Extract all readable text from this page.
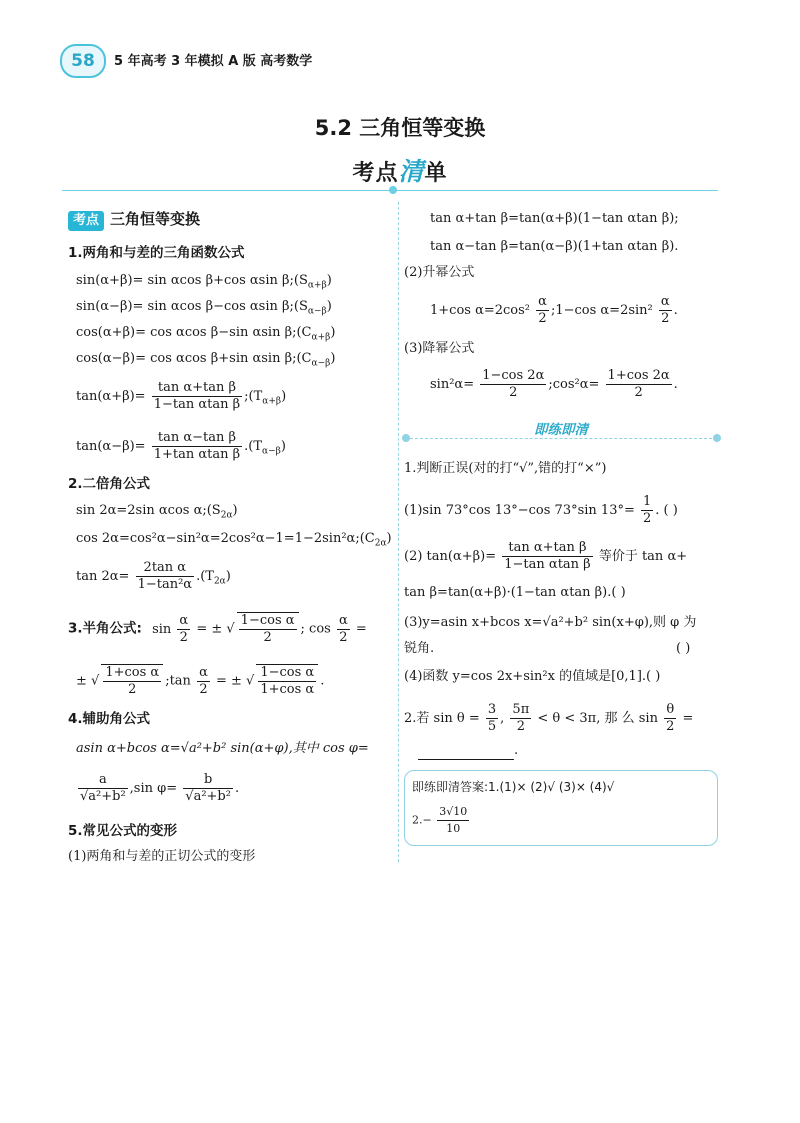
58	5 年高考 3 年模拟 A 版 高考数学
5.2 三角恒等变换
考点清单
考点 三角恒等变换
1.两角和与差的三角函数公式
sin(α+β)= sin αcos β+cos αsin $\beta;(S_{\alpha+\beta})$
sin(α−β)= sin αcos β−cos αsin $\beta;(S_{\alpha-\beta})$
cos(α+β)= cos αcos β−sin αsin $\beta;(C_{\alpha+\beta})$
cos(α−β)= cos αcos β+sin αsin $\beta;(C_{\alpha-\beta})$
$\tan(\alpha+\beta)= \frac{\text{tan α+tan β}}{\text{1−tan αtan β}}$ $;(T_{\alpha+\beta})$
$\tan(\alpha-\beta)= \frac{\text{tan α−tan β}}{\text{1+tan αtan β}} .(T_{\alpha-\beta})$
2.二倍角公式
sin 2α=2sin αcos $\alpha;(S_{2\alpha})$
$\cos 2\alpha=\cos^2\alpha-\sin^2\alpha=2\cos^2\alpha-1=1-2\sin^2\alpha;(C_{2\alpha})$
$\tan 2\alpha= \frac{\text{2tan α}}{\text{1−tan²α}} .(T_{2\alpha})$
3.半角公式: $\sin \frac{\alpha}{2}$ = ± √ $\frac{\text{1−cos α}}{2}$ ; $\cos \frac{\alpha}{2}$ =
± √ $\frac{\text{1+cos α}}{2}$ ;tan $\frac{\alpha}{2}$ = ± √ $\frac{\text{1−cos α}}{\text{1+cos α}}$ .
4.辅助角公式
asin α+bcos α=√a²+b² sin(α+φ),其中 cos φ=
$\frac{a}{\text{√a²+b²}} ,\sin$ $\varphi= \frac{b}{\text{√a²+b²}}$ .
5.常见公式的变形
(1)两角和与差的正切公式的变形
tan α+tan β=tan(α+β)(1−tan αtan β);
tan α−tan β=tan(α−β)(1+tan αtan β).
(2)升幂公式
1+cos $\alpha=2\cos^2 \frac{\alpha}{2}$ ;1−cos $\alpha=2\sin^2 \frac{\alpha}{2}$ .
(3)降幂公式
$\sin^2\alpha= \frac{1-\cos 2\alpha}{2}$ ;cos²α= $\frac{1+\cos 2\alpha}{2}$ .
即练即清
1.判断正误(对的打“√”,错的打“×”)
(1)sin 73°cos 13°−cos 73°sin $13^\circ= \frac{1}{2}$ . ( )
(2) $\tan(\alpha+\beta)= \frac{\text{tan α+tan β}}{\text{1−tan αtan β}}$ 等价于 tan α+
tan β=tan(α+β)·(1−tan αtan β).( )
(3)y=asin x+bcos x=√a²+b² sin(x+φ),则 φ 为
锐角.	( )
(4)函数 y=cos 2x+sin²x 的值域是[0,1].( )
2.若 $\sin \theta = \frac{3}{5}$ , $\frac{5\pi}{2} < \theta < 3\pi$, 那 么 $\sin \frac{\theta}{2}$ =
.
即练即清答案:1.(1)× (2)√ (3)× (4)√
$2.- \frac{3√10}{10}$
